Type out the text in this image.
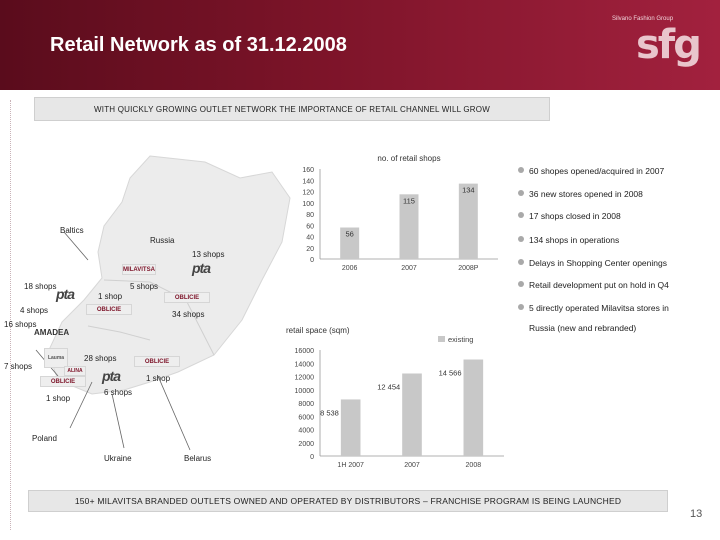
Retail Network as of 31.12.2008
Silvano Fashion Group
sfg
WITH QUICKLY GROWING OUTLET NETWORK THE IMPORTANCE OF RETAIL CHANNEL WILL GROW
Baltics
Russia
13 shops
MILAVITSA	pta
18 shops pta	1 shop
5 shops
OBLICIE
4 shops	OBLICIE
34 shops
16 shops
AMADEA
Lauma
7 shops
28 shops	OBLICIE
OBLICIE	pta	1 shop
6 shops
1 shop
ALINA
Poland
Ukraine	Belarus
no. of retail shops
0
20
40
60
80
100
120
140
160
56
2006
115
2007
134
2008P
retail space (sqm)
0
2000
4000
6000
8000
10000
12000
14000
16000
8 538
1H 2007
12 454
2007
14 566
2008
existing
60 shopes opened/acquired in 2007
36 new stores opened in 2008
17 shops closed in 2008
134 shops in operations
Delays in Shopping Center openings
Retail development put on hold in Q4
5 directly operated Milavitsa stores in
Russia (new and rebranded)
150+ MILAVITSA BRANDED OUTLETS OWNED AND OPERATED BY DISTRIBUTORS – FRANCHISE PROGRAM IS BEING LAUNCHED
13
